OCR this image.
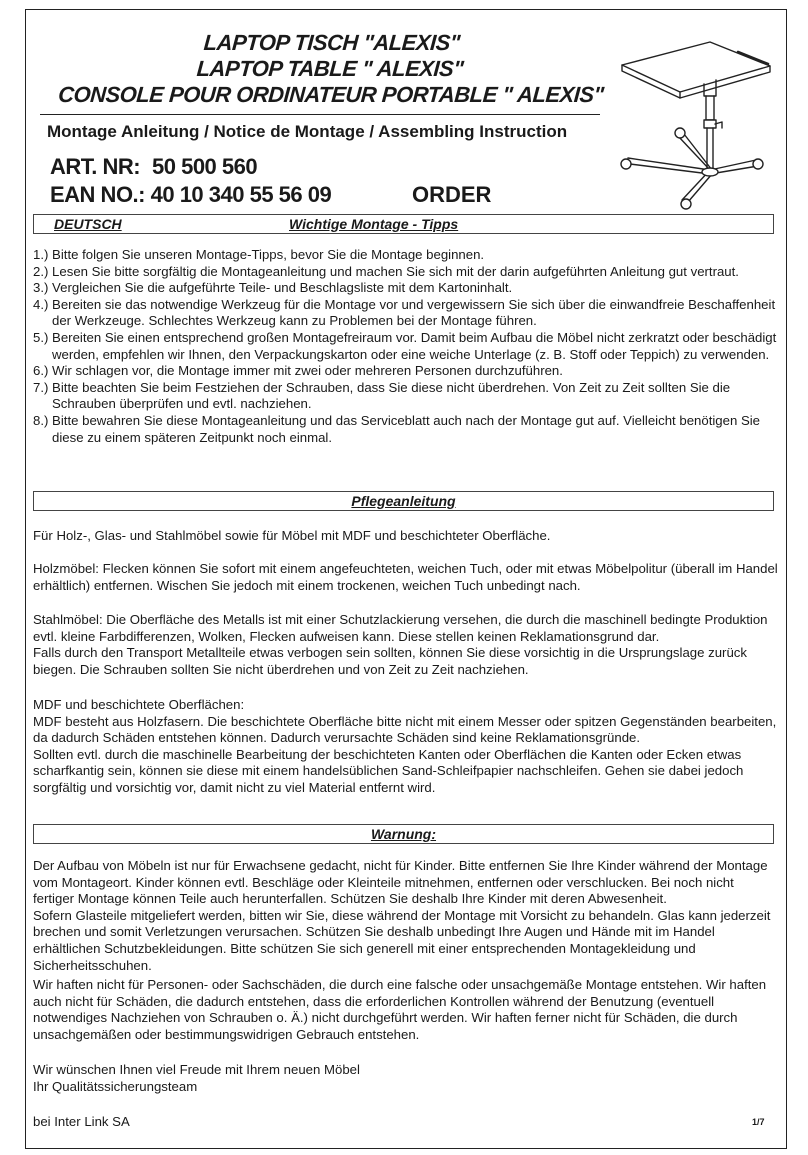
LAPTOP TISCH "ALEXIS"
LAPTOP TABLE " ALEXIS"
CONSOLE POUR ORDINATEUR PORTABLE " ALEXIS"
Montage Anleitung / Notice de Montage / Assembling Instruction
ART. NR: 50 500 560
EAN NO.: 40 10 340 55 56 09	ORDER
DEUTSCH	Wichtige Montage - Tipps
1.) Bitte folgen Sie unseren Montage-Tipps, bevor Sie die Montage beginnen.
2.) Lesen Sie bitte sorgfältig die Montageanleitung und machen Sie sich mit der darin aufgeführten Anleitung gut vertraut.
3.) Vergleichen Sie die aufgeführte Teile- und Beschlagsliste mit dem Kartoninhalt.
4.) Bereiten sie das notwendige Werkzeug für die Montage vor und vergewissern Sie sich über die einwandfreie Beschaffenheit der Werkzeuge. Schlechtes Werkzeug kann zu Problemen bei der Montage führen.
5.) Bereiten Sie einen entsprechend großen Montagefreiraum vor. Damit beim Aufbau die Möbel nicht zerkratzt oder beschädigt werden, empfehlen wir Ihnen, den Verpackungskarton oder eine weiche Unterlage (z. B. Stoff oder Teppich) zu verwenden.
6.) Wir schlagen vor, die Montage immer mit zwei oder mehreren Personen durchzuführen.
7.) Bitte beachten Sie beim Festziehen der Schrauben, dass Sie diese nicht überdrehen. Von Zeit zu Zeit sollten Sie die Schrauben überprüfen und evtl. nachziehen.
8.) Bitte bewahren Sie diese Montageanleitung und das Serviceblatt auch nach der Montage gut auf. Vielleicht benötigen Sie diese zu einem späteren Zeitpunkt noch einmal.
Pflegeanleitung
Für Holz-, Glas- und Stahlmöbel sowie für Möbel mit MDF und beschichteter Oberfläche.
Holzmöbel: Flecken können Sie sofort mit einem angefeuchteten, weichen Tuch, oder mit etwas Möbelpolitur (überall im Handel erhältlich) entfernen. Wischen Sie jedoch mit einem trockenen, weichen Tuch unbedingt nach.

Stahlmöbel: Die Oberfläche des Metalls ist mit einer Schutzlackierung versehen, die durch die maschinell bedingte Produktion evtl. kleine Farbdifferenzen, Wolken, Flecken aufweisen kann. Diese stellen keinen Reklamationsgrund dar.

Falls durch den Transport Metallteile etwas verbogen sein sollten, können Sie diese vorsichtig in die Ursprungslage zurück biegen. Die Schrauben sollten Sie nicht überdrehen und von Zeit zu Zeit nachziehen.

MDF und beschichtete Oberflächen:

MDF besteht aus Holzfasern. Die beschichtete Oberfläche bitte nicht mit einem Messer oder spitzen Gegenständen bearbeiten, da dadurch Schäden entstehen können. Dadurch verursachte Schäden sind keine Reklamationsgründe.

Sollten evtl. durch die maschinelle Bearbeitung der beschichteten Kanten oder Oberflächen die Kanten oder Ecken etwas scharfkantig sein, können sie diese mit einem handelsüblichen Sand-Schleifpapier nachschleifen. Gehen sie dabei jedoch sorgfältig und vorsichtig vor, damit nicht zu viel Material entfernt wird.

Warnung:

Der Aufbau von Möbeln ist nur für Erwachsene gedacht, nicht für Kinder. Bitte entfernen Sie Ihre Kinder während der Montage vom Montageort. Kinder können evtl. Beschläge oder Kleinteile mitnehmen, entfernen oder verschlucken. Bei noch nicht fertiger Montage können Teile auch herunterfallen. Schützen Sie deshalb Ihre Kinder mit deren Abwesenheit.

Sofern Glasteile mitgeliefert werden, bitten wir Sie, diese während der Montage mit Vorsicht zu behandeln. Glas kann jederzeit brechen und somit Verletzungen verursachen. Schützen Sie deshalb unbedingt Ihre Augen und Hände mit im Handel erhältlichen Schutzbekleidungen. Bitte schützen Sie sich generell mit einer entsprechenden Montagekleidung und Sicherheitsschuhen.

Wir haften nicht für Personen- oder Sachschäden, die durch eine falsche oder unsachgemäße Montage entstehen. Wir haften auch nicht für Schäden, die dadurch entstehen, dass die erforderlichen Kontrollen während der Benutzung (eventuell notwendiges Nachziehen von Schrauben o. Ä.) nicht durchgeführt werden. Wir haften ferner nicht für Schäden, die durch unsachgemäßen oder bestimmungswidrigen Gebrauch entstehen.

Wir wünschen Ihnen viel Freude mit Ihrem neuen Möbel

Ihr Qualitätssicherungsteam

bei Inter Link SA	1/7
